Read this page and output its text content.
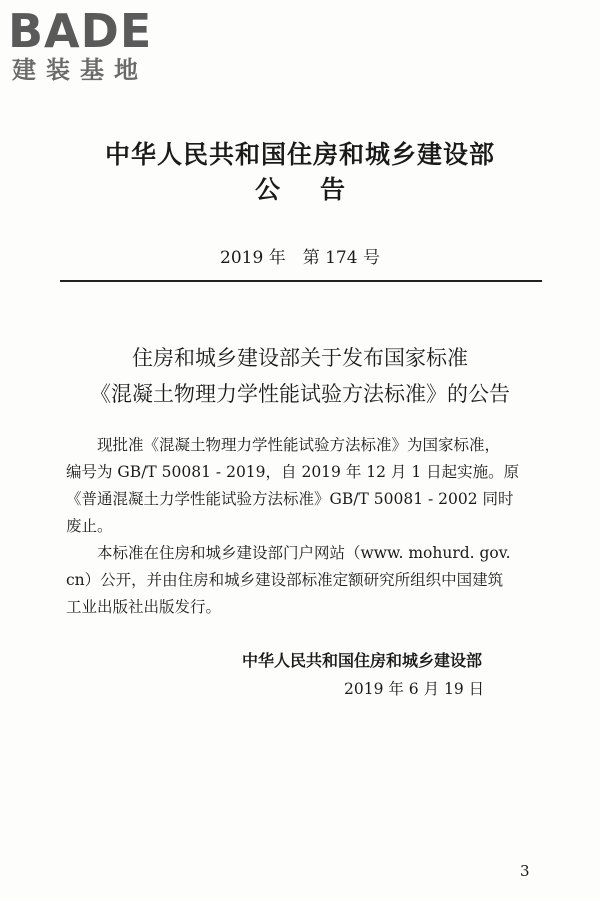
BADE

建装基地

中华人民共和国住房和城乡建设部
公告

2019 年　第 174 号

住房和城乡建设部关于发布国家标准
《混凝土物理力学性能试验方法标准》的公告
　　现批准《混凝土物理力学性能试验方法标准》为国家标准，
编号为 GB/T 50081 - 2019，自 2019 年 12 月 1 日起实施。原
《普通混凝土力学性能试验方法标准》GB/T 50081 - 2002 同时
废止。
　　本标准在住房和城乡建设部门户网站（www. mohurd. gov.
cn）公开，并由住房和城乡建设部标准定额研究所组织中国建筑
工业出版社出版发行。

中华人民共和国住房和城乡建设部

2019 年 6 月 19 日

3
